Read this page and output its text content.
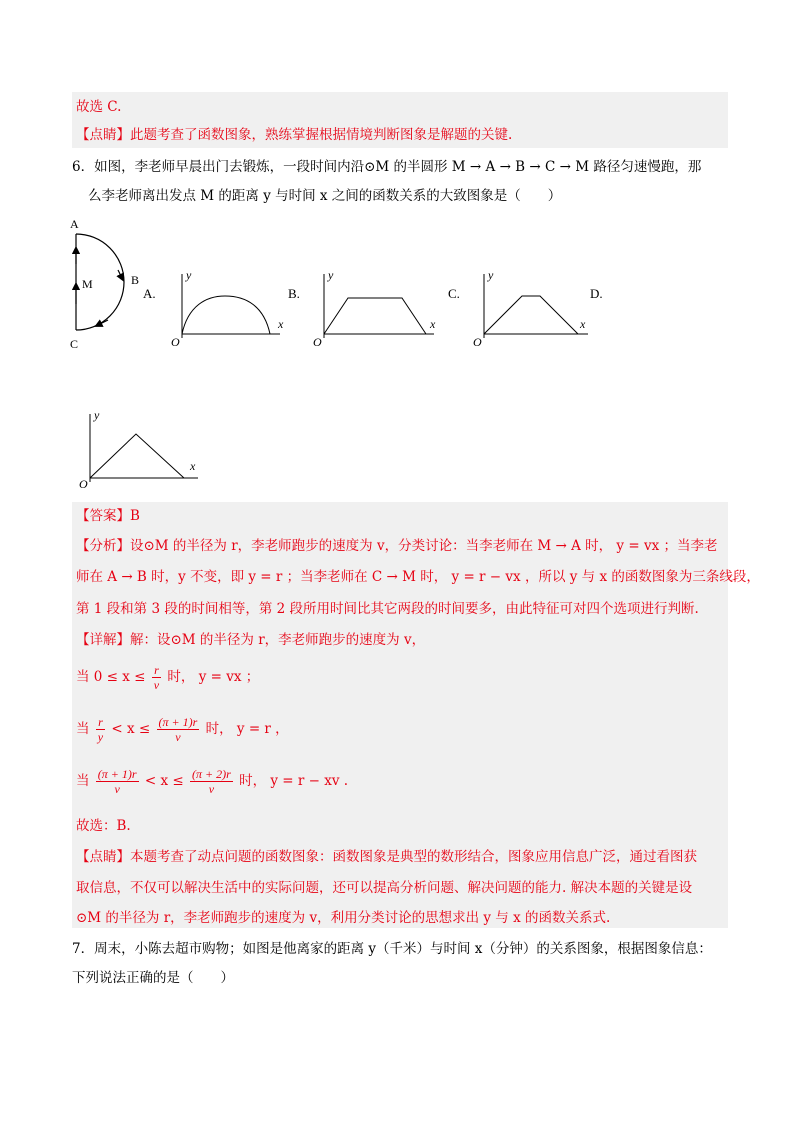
故选 C.
【点睛】此题考查了函数图象，熟练掌握根据情境判断图象是解题的关键.
6．如图，李老师早晨出门去锻炼，一段时间内沿⊙M 的半圆形 M → A → B → C → M 路径匀速慢跑，那
么李老师离出发点 M 的距离 y 与时间 x 之间的函数关系的大致图象是（　　）
A
M	B
C
A.
y
x
O
B.
y
x
O
C.
y
x
O
D.
y
x
O
【答案】B
【分析】设⊙M 的半径为 r，李老师跑步的速度为 v，分类讨论：当李老师在 M → A 时， y = vx ；当李老
师在 A → B 时，y 不变，即 y = r ；当李老师在 C → M 时， y = r − vx ，所以 y 与 x 的函数图象为三条线段，
第 1 段和第 3 段的时间相等，第 2 段所用时间比其它两段的时间要多，由此特征可对四个选项进行判断.
【详解】解：设⊙M 的半径为 r，李老师跑步的速度为 v，
当 $0 \le x \le \frac{r}{v}$ 时， y = vx ；
当 $\frac{r}{y} < x \le \frac{(\pi + 1)r}{v}$ 时， y = r ，
当 $\frac{(\pi + 1)r}{v} < x \le \frac{(\pi + 2)r}{v}$ 时， y = r − xv .
故选：B.
【点睛】本题考查了动点问题的函数图象：函数图象是典型的数形结合，图象应用信息广泛，通过看图获
取信息，不仅可以解决生活中的实际问题，还可以提高分析问题、解决问题的能力. 解决本题的关键是设
⊙M 的半径为 r，李老师跑步的速度为 v，利用分类讨论的思想求出 y 与 x 的函数关系式.
7．周末，小陈去超市购物；如图是他离家的距离 y（千米）与时间 x（分钟）的关系图象，根据图象信息：
下列说法正确的是（　　）
